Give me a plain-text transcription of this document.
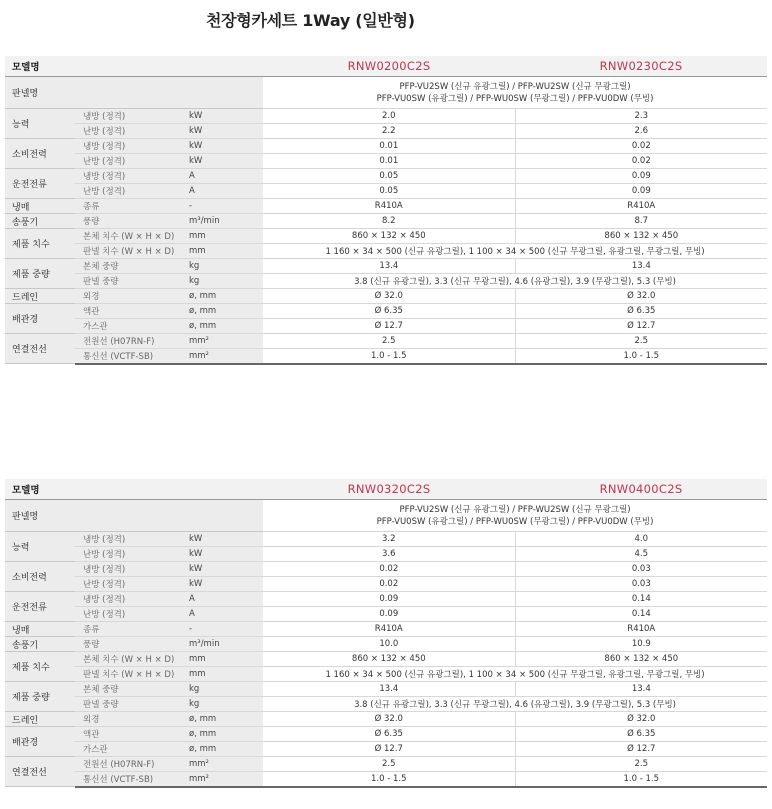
천장형카세트 1Way (일반형)
모델명			RNW0200C2S	RNW0230C2S
판넬명			PFP-VU2SW (신규 유광그릴) / PFP-WU2SW (신규 무광그릴)
PFP-VU0SW (유광그릴) / PFP-WU0SW (무광그릴) / PFP-VU0DW (무빙)	

능력	냉방 (정격)	kW	2.0	2.3
	난방 (정격)	kW	2.2	2.6
소비전력	냉방 (정격)	kW	0.01	0.02
	난방 (정격)	kW	0.01	0.02
운전전류	냉방 (정격)	A	0.05	0.09
	난방 (정격)	A	0.05	0.09
냉매	종류	-	R410A	R410A
송풍기	풍량	m³/min	8.2	8.7
제품 치수	본체 치수 (W × H × D)	mm	860 × 132 × 450	860 × 132 × 450
	판넬 치수 (W × H × D)	mm	1 160 × 34 × 500 (신규 유광그릴), 1 100 × 34 × 500 (신규 무광그릴, 유광그릴, 무광그릴, 무빙)	
제품 중량	본체 중량	kg	13.4	13.4
	판넬 중량	kg	3.8 (신규 유광그릴), 3.3 (신규 무광그릴), 4.6 (유광그릴), 3.9 (무광그릴), 5.3 (무빙)	
드레인	외경	ø, mm	Ø 32.0	Ø 32.0
배관경	액관	ø, mm	Ø 6.35	Ø 6.35
	가스관	ø, mm	Ø 12.7	Ø 12.7
연결전선	전원선 (H07RN-F)	mm²	2.5	2.5
	통신선 (VCTF-SB)	mm²	1.0 - 1.5	1.0 - 1.5
모델명			RNW0320C2S	RNW0400C2S
판넬명			PFP-VU2SW (신규 유광그릴) / PFP-WU2SW (신규 무광그릴)
PFP-VU0SW (유광그릴) / PFP-WU0SW (무광그릴) / PFP-VU0DW (무빙)	

능력	냉방 (정격)	kW	3.2	4.0
	난방 (정격)	kW	3.6	4.5
소비전력	냉방 (정격)	kW	0.02	0.03
	난방 (정격)	kW	0.02	0.03
운전전류	냉방 (정격)	A	0.09	0.14
	난방 (정격)	A	0.09	0.14
냉매	종류	-	R410A	R410A
송풍기	풍량	m³/min	10.0	10.9
제품 치수	본체 치수 (W × H × D)	mm	860 × 132 × 450	860 × 132 × 450
	판넬 치수 (W × H × D)	mm	1 160 × 34 × 500 (신규 유광그릴), 1 100 × 34 × 500 (신규 무광그릴, 유광그릴, 무광그릴, 무빙)	
제품 중량	본체 중량	kg	13.4	13.4
	판넬 중량	kg	3.8 (신규 유광그릴), 3.3 (신규 무광그릴), 4.6 (유광그릴), 3.9 (무광그릴), 5.3 (무빙)	
드레인	외경	ø, mm	Ø 32.0	Ø 32.0
배관경	액관	ø, mm	Ø 6.35	Ø 6.35
	가스관	ø, mm	Ø 12.7	Ø 12.7
연결전선	전원선 (H07RN-F)	mm²	2.5	2.5
	통신선 (VCTF-SB)	mm²	1.0 - 1.5	1.0 - 1.5
